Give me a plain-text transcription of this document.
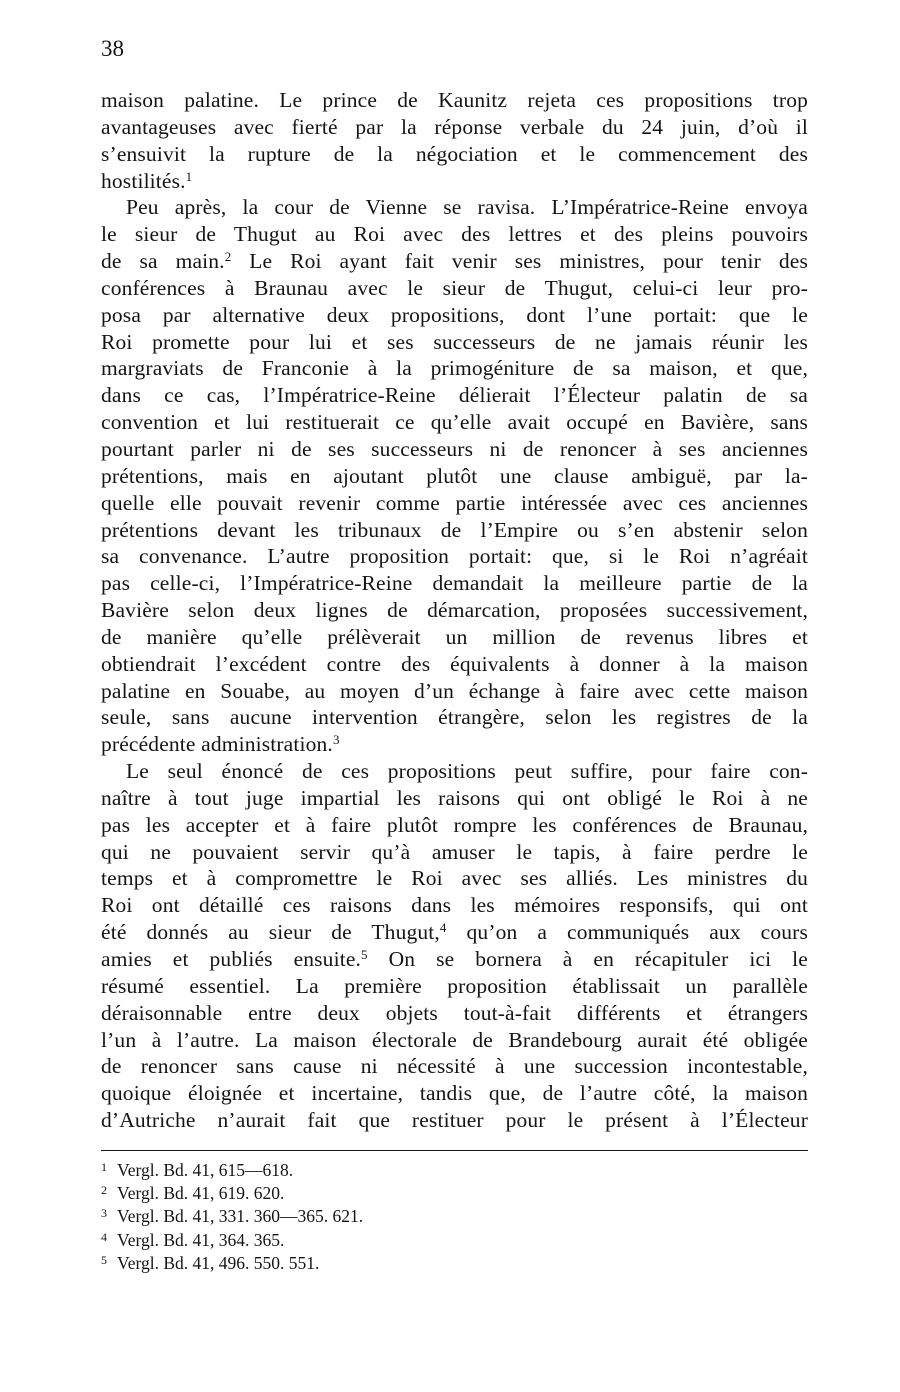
38
maison palatine. Le prince de Kaunitz rejeta ces propositions trop
avantageuses avec fierté par la réponse verbale du 24 juin, d’où il
s’ensuivit la rupture de la négociation et le commencement des
hostilités.$^1$
Peu après, la cour de Vienne se ravisa. L’Impératrice-Reine envoya
le sieur de Thugut au Roi avec des lettres et des pleins pouvoirs
de sa main.$^2$ Le Roi ayant fait venir ses ministres, pour tenir des
conférences à Braunau avec le sieur de Thugut, celui-ci leur pro-
posa par alternative deux propositions, dont l’une portait: que le
Roi promette pour lui et ses successeurs de ne jamais réunir les
margraviats de Franconie à la primogéniture de sa maison, et que,
dans ce cas, l’Impératrice-Reine délierait l’Électeur palatin de sa
convention et lui restituerait ce qu’elle avait occupé en Bavière, sans
pourtant parler ni de ses successeurs ni de renoncer à ses anciennes
prétentions, mais en ajoutant plutôt une clause ambiguë, par la-
quelle elle pouvait revenir comme partie intéressée avec ces anciennes
prétentions devant les tribunaux de l’Empire ou s’en abstenir selon
sa convenance. L’autre proposition portait: que, si le Roi n’agréait
pas celle-ci, l’Impératrice-Reine demandait la meilleure partie de la
Bavière selon deux lignes de démarcation, proposées successivement,
de manière qu’elle prélèverait un million de revenus libres et
obtiendrait l’excédent contre des équivalents à donner à la maison
palatine en Souabe, au moyen d’un échange à faire avec cette maison
seule, sans aucune intervention étrangère, selon les registres de la
précédente administration.$^3$
Le seul énoncé de ces propositions peut suffire, pour faire con-
naître à tout juge impartial les raisons qui ont obligé le Roi à ne
pas les accepter et à faire plutôt rompre les conférences de Braunau,
qui ne pouvaient servir qu’à amuser le tapis, à faire perdre le
temps et à compromettre le Roi avec ses alliés. Les ministres du
Roi ont détaillé ces raisons dans les mémoires responsifs, qui ont
été donnés au sieur de Thugut,$^4$ qu’on a communiqués aux cours
amies et publiés ensuite.$^5$ On se bornera à en récapituler ici le
résumé essentiel. La première proposition établissait un parallèle
déraisonnable entre deux objets tout-à-fait différents et étrangers
l’un à l’autre. La maison électorale de Brandebourg aurait été obligée
de renoncer sans cause ni nécessité à une succession incontestable,
quoique éloignée et incertaine, tandis que, de l’autre côté, la maison
d’Autriche n’aurait fait que restituer pour le présent à l’Électeur
1 Vergl. Bd. 41, 615—618.
2 Vergl. Bd. 41, 619. 620.
3 Vergl. Bd. 41, 331. 360—365. 621.
4 Vergl. Bd. 41, 364. 365.
5 Vergl. Bd. 41, 496. 550. 551.
